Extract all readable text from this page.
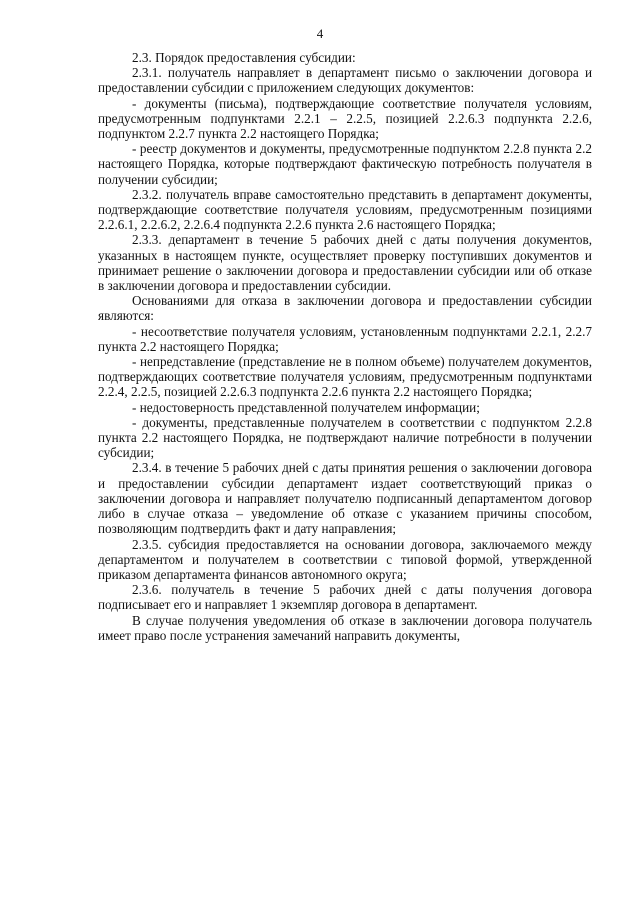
4

2.3. Порядок предоставления субсидии:

2.3.1. получатель направляет в департамент письмо о заключении договора и предоставлении субсидии с приложением следующих документов:

- документы (письма), подтверждающие соответствие получателя условиям, предусмотренным подпунктами 2.2.1 – 2.2.5, позицией 2.2.6.3 подпункта 2.2.6, подпунктом 2.2.7 пункта 2.2 настоящего Порядка;

- реестр документов и документы, предусмотренные подпунктом 2.2.8 пункта 2.2 настоящего Порядка, которые подтверждают фактическую потребность получателя в получении субсидии;

2.3.2. получатель вправе самостоятельно представить в департамент документы, подтверждающие соответствие получателя условиям, предусмотренным позициями 2.2.6.1, 2.2.6.2, 2.2.6.4 подпункта 2.2.6 пункта 2.6 настоящего Порядка;

2.3.3. департамент в течение 5 рабочих дней с даты получения документов, указанных в настоящем пункте, осуществляет проверку поступивших документов и принимает решение о заключении договора и предоставлении субсидии или об отказе в заключении договора и предоставлении субсидии.

Основаниями для отказа в заключении договора и предоставлении субсидии являются:

- несоответствие получателя условиям, установленным подпунктами 2.2.1, 2.2.7 пункта 2.2 настоящего Порядка;

- непредставление (представление не в полном объеме) получателем документов, подтверждающих соответствие получателя условиям, предусмотренным подпунктами 2.2.4, 2.2.5, позицией 2.2.6.3 подпункта 2.2.6 пункта 2.2 настоящего Порядка;

- недостоверность представленной получателем информации;

- документы, представленные получателем в соответствии с подпунктом 2.2.8 пункта 2.2 настоящего Порядка, не подтверждают наличие потребности в получении субсидии;

2.3.4. в течение 5 рабочих дней с даты принятия решения о заключении договора и предоставлении субсидии департамент издает соответствующий приказ о заключении договора и направляет получателю подписанный департаментом договор либо в случае отказа – уведомление об отказе с указанием причины способом, позволяющим подтвердить факт и дату направления;

2.3.5. субсидия предоставляется на основании договора, заключаемого между департаментом и получателем в соответствии с типовой формой, утвержденной приказом департамента финансов автономного округа;

2.3.6. получатель в течение 5 рабочих дней с даты получения договора подписывает его и направляет 1 экземпляр договора в департамент.

В случае получения уведомления об отказе в заключении договора получатель имеет право после устранения замечаний направить документы,
